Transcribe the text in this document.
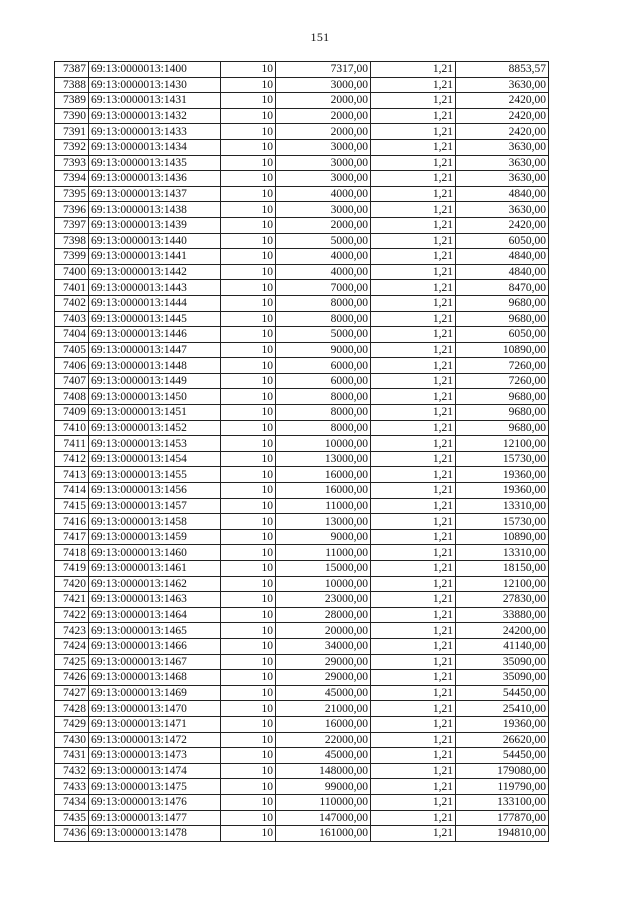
151
7387	69:13:0000013:1400	10	7317,00	1,21	8853,57
7388	69:13:0000013:1430	10	3000,00	1,21	3630,00
7389	69:13:0000013:1431	10	2000,00	1,21	2420,00
7390	69:13:0000013:1432	10	2000,00	1,21	2420,00
7391	69:13:0000013:1433	10	2000,00	1,21	2420,00
7392	69:13:0000013:1434	10	3000,00	1,21	3630,00
7393	69:13:0000013:1435	10	3000,00	1,21	3630,00
7394	69:13:0000013:1436	10	3000,00	1,21	3630,00
7395	69:13:0000013:1437	10	4000,00	1,21	4840,00
7396	69:13:0000013:1438	10	3000,00	1,21	3630,00
7397	69:13:0000013:1439	10	2000,00	1,21	2420,00
7398	69:13:0000013:1440	10	5000,00	1,21	6050,00
7399	69:13:0000013:1441	10	4000,00	1,21	4840,00
7400	69:13:0000013:1442	10	4000,00	1,21	4840,00
7401	69:13:0000013:1443	10	7000,00	1,21	8470,00
7402	69:13:0000013:1444	10	8000,00	1,21	9680,00
7403	69:13:0000013:1445	10	8000,00	1,21	9680,00
7404	69:13:0000013:1446	10	5000,00	1,21	6050,00
7405	69:13:0000013:1447	10	9000,00	1,21	10890,00
7406	69:13:0000013:1448	10	6000,00	1,21	7260,00
7407	69:13:0000013:1449	10	6000,00	1,21	7260,00
7408	69:13:0000013:1450	10	8000,00	1,21	9680,00
7409	69:13:0000013:1451	10	8000,00	1,21	9680,00
7410	69:13:0000013:1452	10	8000,00	1,21	9680,00
7411	69:13:0000013:1453	10	10000,00	1,21	12100,00
7412	69:13:0000013:1454	10	13000,00	1,21	15730,00
7413	69:13:0000013:1455	10	16000,00	1,21	19360,00
7414	69:13:0000013:1456	10	16000,00	1,21	19360,00
7415	69:13:0000013:1457	10	11000,00	1,21	13310,00
7416	69:13:0000013:1458	10	13000,00	1,21	15730,00
7417	69:13:0000013:1459	10	9000,00	1,21	10890,00
7418	69:13:0000013:1460	10	11000,00	1,21	13310,00
7419	69:13:0000013:1461	10	15000,00	1,21	18150,00
7420	69:13:0000013:1462	10	10000,00	1,21	12100,00
7421	69:13:0000013:1463	10	23000,00	1,21	27830,00
7422	69:13:0000013:1464	10	28000,00	1,21	33880,00
7423	69:13:0000013:1465	10	20000,00	1,21	24200,00
7424	69:13:0000013:1466	10	34000,00	1,21	41140,00
7425	69:13:0000013:1467	10	29000,00	1,21	35090,00
7426	69:13:0000013:1468	10	29000,00	1,21	35090,00
7427	69:13:0000013:1469	10	45000,00	1,21	54450,00
7428	69:13:0000013:1470	10	21000,00	1,21	25410,00
7429	69:13:0000013:1471	10	16000,00	1,21	19360,00
7430	69:13:0000013:1472	10	22000,00	1,21	26620,00
7431	69:13:0000013:1473	10	45000,00	1,21	54450,00
7432	69:13:0000013:1474	10	148000,00	1,21	179080,00
7433	69:13:0000013:1475	10	99000,00	1,21	119790,00
7434	69:13:0000013:1476	10	110000,00	1,21	133100,00
7435	69:13:0000013:1477	10	147000,00	1,21	177870,00
7436	69:13:0000013:1478	10	161000,00	1,21	194810,00
